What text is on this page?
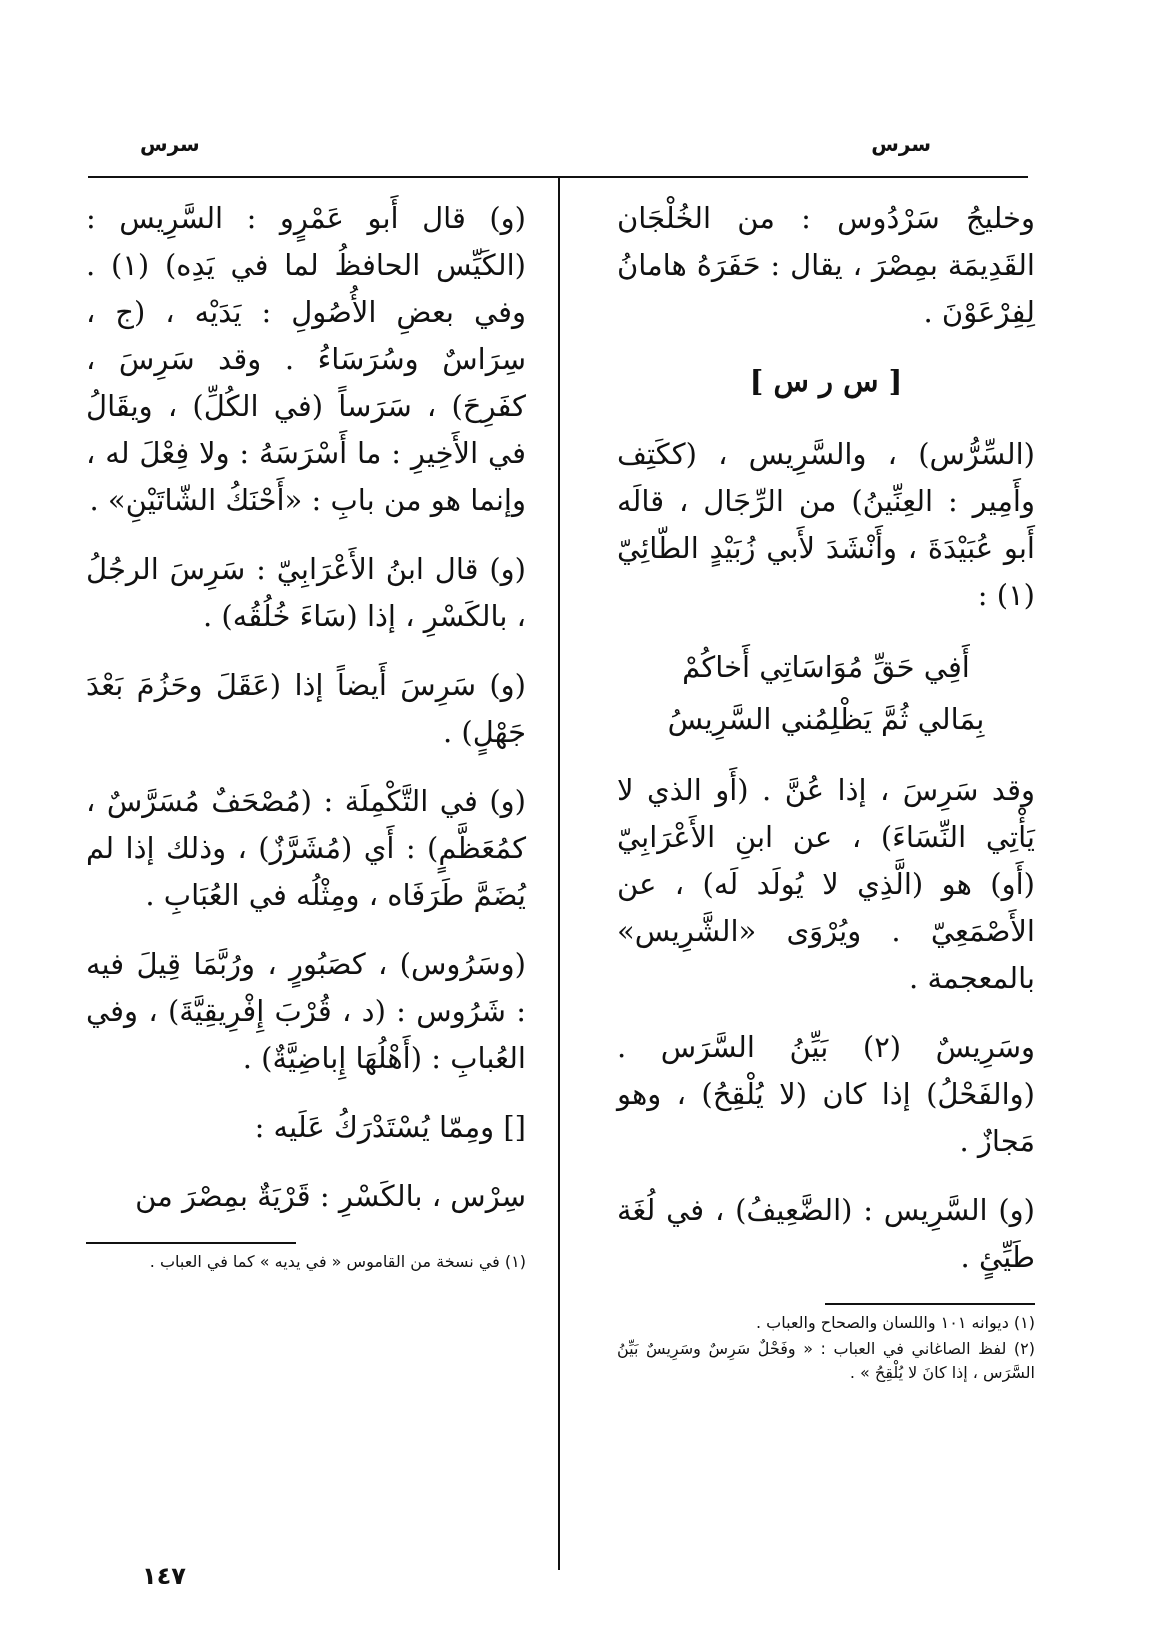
سرس
سرس

وخليجُ سَرْدُوس : من الخُلْجَان القَدِيمَة بمِصْرَ ، يقال : حَفَرَهُ هامانُ لِفِرْعَوْنَ .

[ س ر س ]

(السِّرُّس) ، والسَّرِيس ، (ككَتِف وأَمِير : العِنِّينُ) من الرِّجَال ، قالَه أَبو عُبَيْدَةَ ، وأَنْشَدَ لأَبي زُبَيْدٍ الطّائِيّ (١) :

أَفِي حَقِّ مُوَاسَاتِي أَخاكُمْ
بِمَالي ثُمَّ يَظْلِمُني السَّرِيسُ

وقد سَرِسَ ، إذا عُنَّ . (أَو الذي لا يَأْتِي النِّسَاءَ) ، عن ابنِ الأَعْرَابِيّ (أَو) هو (الَّذِي لا يُولَد لَه) ، عن الأَصْمَعِيّ . ويُرْوَى «الشَّرِيس» بالمعجمة .

وسَرِيسٌ (٢) بَيِّنُ السَّرَس . (والفَحْلُ) إذا كان (لا يُلْقِحُ) ، وهو مَجازٌ .

(و) السَّرِيس : (الضَّعِيفُ) ، في لُغَة طَيِّئٍ .

(١) ديوانه ١٠١ واللسان والصحاح والعباب .

(٢) لفظ الصاغاني في العباب : « وفَحْلٌ سَرِسٌ وسَرِيسٌ بَيِّنُ السَّرَس ، إذا كانَ لا يُلْقِحُ » .

(و) قال أَبو عَمْرٍو : السَّرِيس : (الكَيِّس الحافظُ لما في يَدِه) (١) . وفي بعضِ الأُصُولِ : يَدَيْه ، (ج ، سِرَاسٌ وسُرَسَاءُ . وقد سَرِسَ ، كفَرِحَ) ، سَرَساً (في الكُلِّ) ، ويقَالُ في الأَخِيرِ : ما أَسْرَسَهُ : ولا فِعْلَ له ، وإنما هو من بابِ : «أَحْنَكُ الشّاتَيْنِ» .

(و) قال ابنُ الأَعْرَابِيّ : سَرِسَ الرجُلُ ، بالكَسْرِ ، إذا (سَاءَ خُلُقُه) .

(و) سَرِسَ أَيضاً إذا (عَقَلَ وحَزُمَ بَعْدَ جَهْلٍ) .

(و) في التَّكْمِلَة : (مُصْحَفٌ مُسَرَّسٌ ، كمُعَظَّمٍ) : أَي (مُشَرَّزٌ) ، وذلك إذا لم يُضَمَّ طَرَفَاه ، ومِثْلُه في العُبَابِ .

(وسَرُوس) ، كصَبُورٍ ، ورُبَّمَا قِيلَ فيه : شَرُوس : (د ، قُرْبَ إِفْرِيقِيَّةَ) ، وفي العُبابِ : (أَهْلُهَا إِباضِيَّةٌ) .

[] ومِمّا يُسْتَدْرَكُ عَلَيه :

سِرْس ، بالكَسْرِ : قَرْيَةٌ بمِصْرَ من

(١) في نسخة من القاموس « في يديه » كما في العباب .

١٤٧
